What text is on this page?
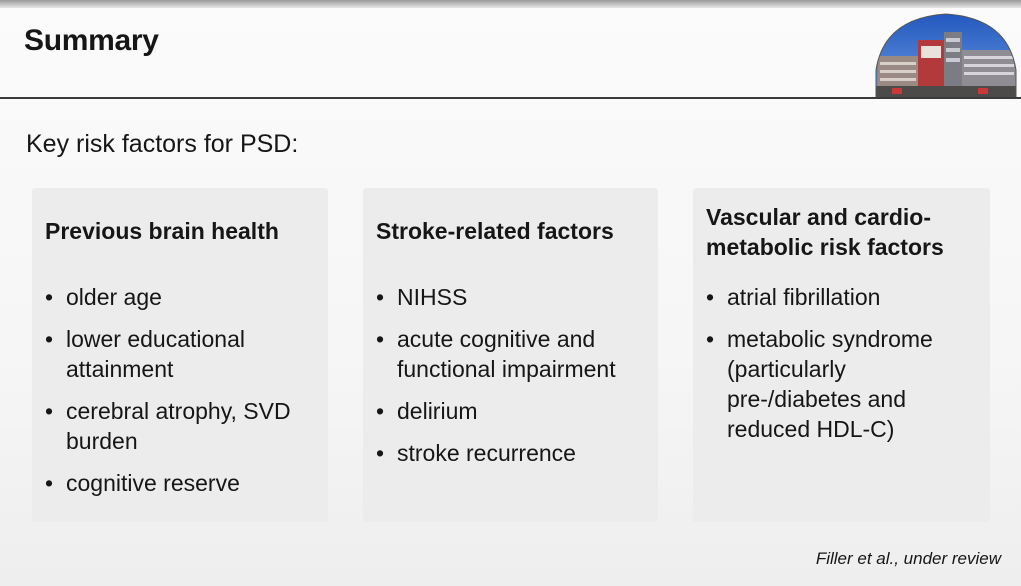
Summary
Key risk factors for PSD:
Previous brain health
• older age
• lower educational attainment
• cerebral atrophy, SVD burden
• cognitive reserve
Stroke-related factors
• NIHSS
• acute cognitive and functional impairment
• delirium
• stroke recurrence
Vascular and cardio-metabolic risk factors
• atrial fibrillation
• metabolic syndrome (particularly pre-/diabetes and reduced HDL-C)
Filler et al., under review
